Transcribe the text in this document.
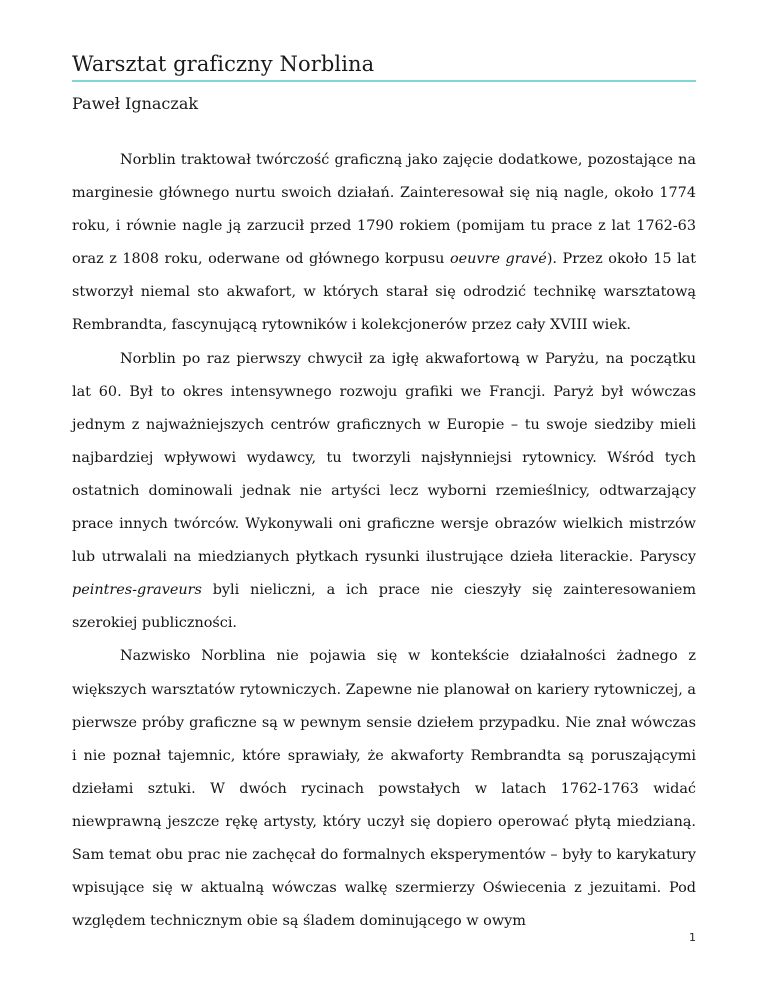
Warsztat graficzny Norblina
Paweł Ignaczak

Norblin traktował twórczość graficzną jako zajęcie dodatkowe, pozostające na marginesie głównego nurtu swoich działań. Zainteresował się nią nagle, około 1774 roku, i równie nagle ją zarzucił przed 1790 rokiem (pomijam tu prace z lat 1762-63 oraz z 1808 roku, oderwane od głównego korpusu oeuvre gravé). Przez około 15 lat stworzył niemal sto akwafort, w których starał się odrodzić technikę warsztatową Rembrandta, fascynującą rytowników i kolekcjonerów przez cały XVIII wiek.

Norblin po raz pierwszy chwycił za igłę akwafortową w Paryżu, na początku lat 60. Był to okres intensywnego rozwoju grafiki we Francji. Paryż był wówczas jednym z najważniejszych centrów graficznych w Europie – tu swoje siedziby mieli najbardziej wpływowi wydawcy, tu tworzyli najsłynniejsi rytownicy. Wśród tych ostatnich dominowali jednak nie artyści lecz wyborni rzemieślnicy, odtwarzający prace innych twórców. Wykonywali oni graficzne wersje obrazów wielkich mistrzów lub utrwalali na miedzianych płytkach rysunki ilustrujące dzieła literackie. Paryscy peintres-graveurs byli nieliczni, a ich prace nie cieszyły się zainteresowaniem szerokiej publiczności.

Nazwisko Norblina nie pojawia się w kontekście działalności żadnego z większych warsztatów rytowniczych. Zapewne nie planował on kariery rytowniczej, a pierwsze próby graficzne są w pewnym sensie dziełem przypadku. Nie znał wówczas i nie poznał tajemnic, które sprawiały, że akwaforty Rembrandta są poruszającymi dziełami sztuki. W dwóch rycinach powstałych w latach 1762-1763 widać niewprawną jeszcze rękę artysty, który uczył się dopiero operować płytą miedzianą. Sam temat obu prac nie zachęcał do formalnych eksperymentów – były to karykatury wpisujące się w aktualną wówczas walkę szermierzy Oświecenia z jezuitami. Pod względem technicznym obie są śladem dominującego w owym

1
